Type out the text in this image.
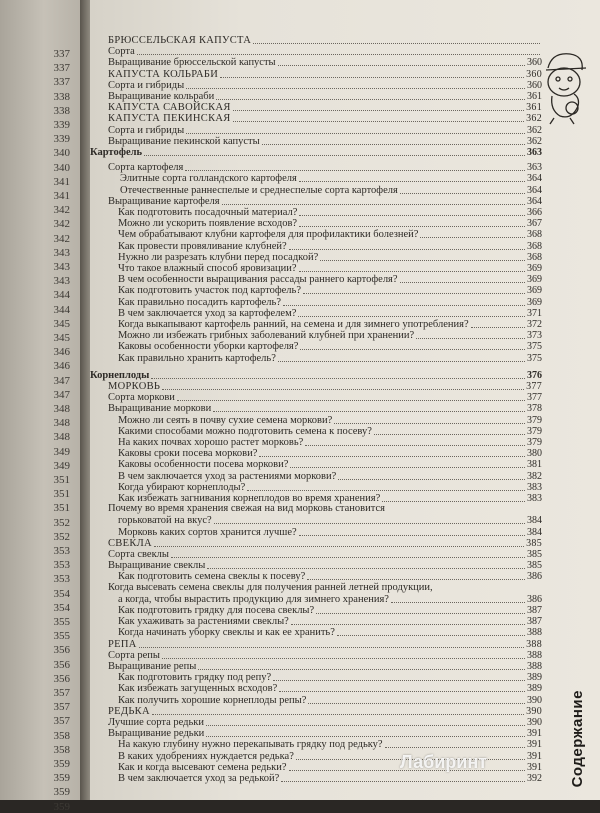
337
337
337
338
338
339
339
340
340
341
341
342
342
342
343
343
343
344
344
345
345
346
346
347
347
348
348
348
349
349
351
351
351
352
352
353
353
353
354
354
355
355
356
356
356
357
357
357
358
358
359
359
359
359
БРЮССЕЛЬСКАЯ КАПУСТА
Сорта
Выращивание брюссельской капусты	360
КАПУСТА КОЛЬРАБИ	360
Сорта и гибриды	360
Выращивание кольраби	361
КАПУСТА САВОЙСКАЯ	361
КАПУСТА ПЕКИНСКАЯ	362
Сорта и гибриды	362
Выращивание пекинской капусты	362
Картофель	363
Сорта картофеля	363
Элитные сорта голландского картофеля	364
Отечественные раннеспелые и среднеспелые сорта картофеля	364
Выращивание картофеля	364
Как подготовить посадочный материал?	366
Можно ли ускорить появление всходов?	367
Чем обрабатывают клубни картофеля для профилактики болезней?	368
Как провести провяливание клубней?	368
Нужно ли разрезать клубни перед посадкой?	368
Что такое влажный способ яровизации?	369
В чем особенности выращивания рассады раннего картофеля?	369
Как подготовить участок под картофель?	369
Как правильно посадить картофель?	369
В чем заключается уход за картофелем?	371
Когда выкапывают картофель ранний, на семена и для зимнего употребления?	372
Можно ли избежать грибных заболеваний клубней при хранении?	373
Каковы особенности уборки картофеля?	375
Как правильно хранить картофель?	375
Корнеплоды	376
МОРКОВЬ	377
Сорта моркови	377
Выращивание моркови	378
Можно ли сеять в почву сухие семена моркови?	379
Какими способами можно подготовить семена к посеву?	379
На каких почвах хорошо растет морковь?	379
Каковы сроки посева моркови?	380
Каковы особенности посева моркови?	381
В чем заключается уход за растениями моркови?	382
Когда убирают корнеплоды?	383
Как избежать загнивания корнеплодов во время хранения?	383
Почему во время хранения свежая на вид морковь становится
горьковатой на вкус?	384
Морковь каких сортов хранится лучше?	384
СВЕКЛА	385
Сорта свеклы	385
Выращивание свеклы	385
Как подготовить семена свеклы к посеву?	386
Когда высевать семена свеклы для получения ранней летней продукции,
а когда, чтобы вырастить продукцию для зимнего хранения?	386
Как подготовить грядку для посева свеклы?	387
Как ухаживать за растениями свеклы?	387
Когда начинать уборку свеклы и как ее хранить?	388
РЕПА	388
Сорта репы	388
Выращивание репы	388
Как подготовить грядку под репу?	389
Как избежать загущенных всходов?	389
Как получить хорошие корнеплоды репы?	390
РЕДЬКА	390
Лучшие сорта редьки	390
Выращивание редьки	391
На какую глубину нужно перекапывать грядку под редьку?	391
В каких удобрениях нуждается редька?	391
Как и когда высевают семена редьки?	391
В чем заключается уход за редькой?	392 Содержание
Лабиринт
